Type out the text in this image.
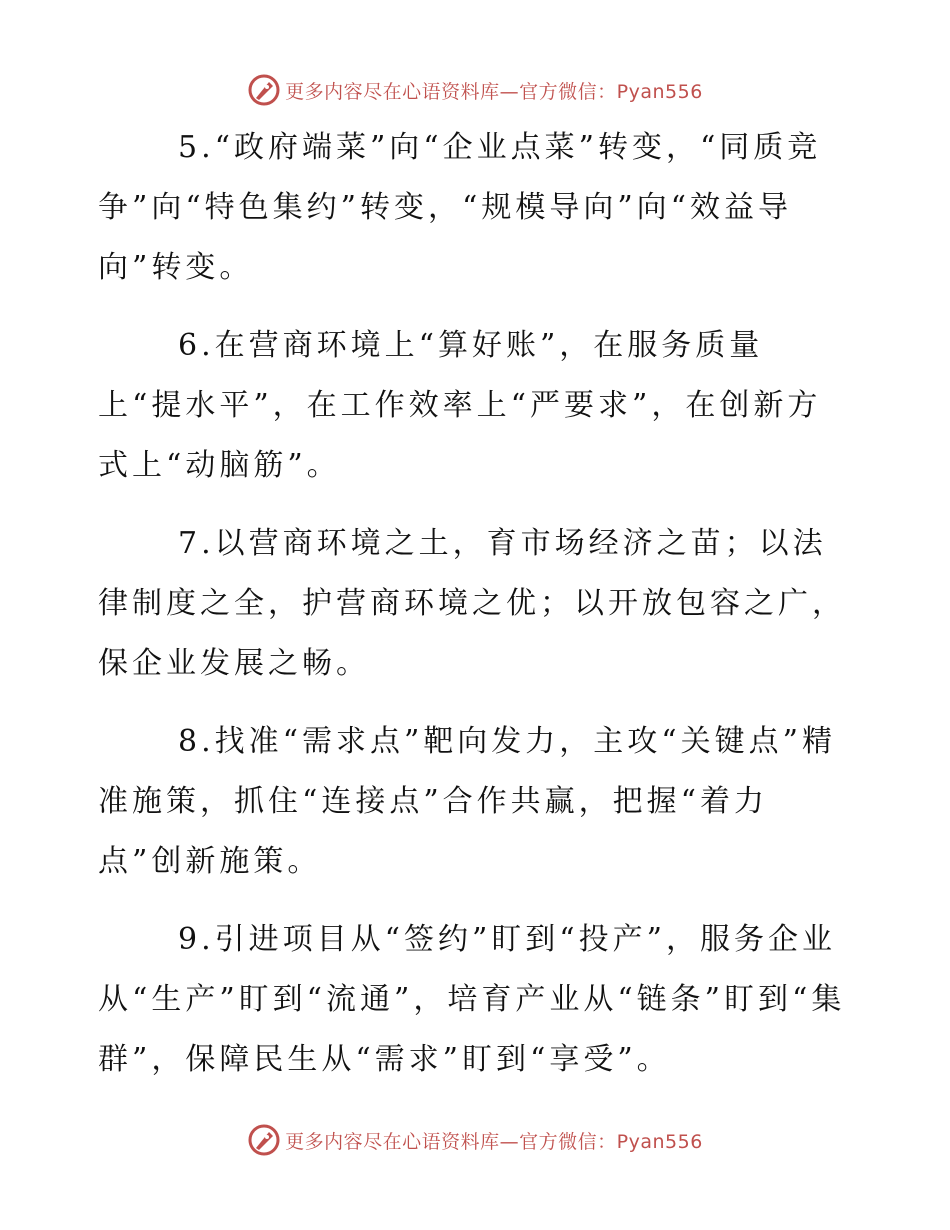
更多内容尽在心语资料库—官方微信：Pyan556

5.“政府端菜”向“企业点菜”转变，“同质竞争”向“特色集约”转变，“规模导向”向“效益导向”转变。

6.在营商环境上“算好账”，在服务质量上“提水平”，在工作效率上“严要求”，在创新方式上“动脑筋”。

7.以营商环境之土，育市场经济之苗；以法律制度之全，护营商环境之优；以开放包容之广，保企业发展之畅。

8.找准“需求点”靶向发力，主攻“关键点”精准施策，抓住“连接点”合作共赢，把握“着力点”创新施策。

9.引进项目从“签约”盯到“投产”，服务企业从“生产”盯到“流通”，培育产业从“链条”盯到“集群”，保障民生从“需求”盯到“享受”。

更多内容尽在心语资料库—官方微信：Pyan556
